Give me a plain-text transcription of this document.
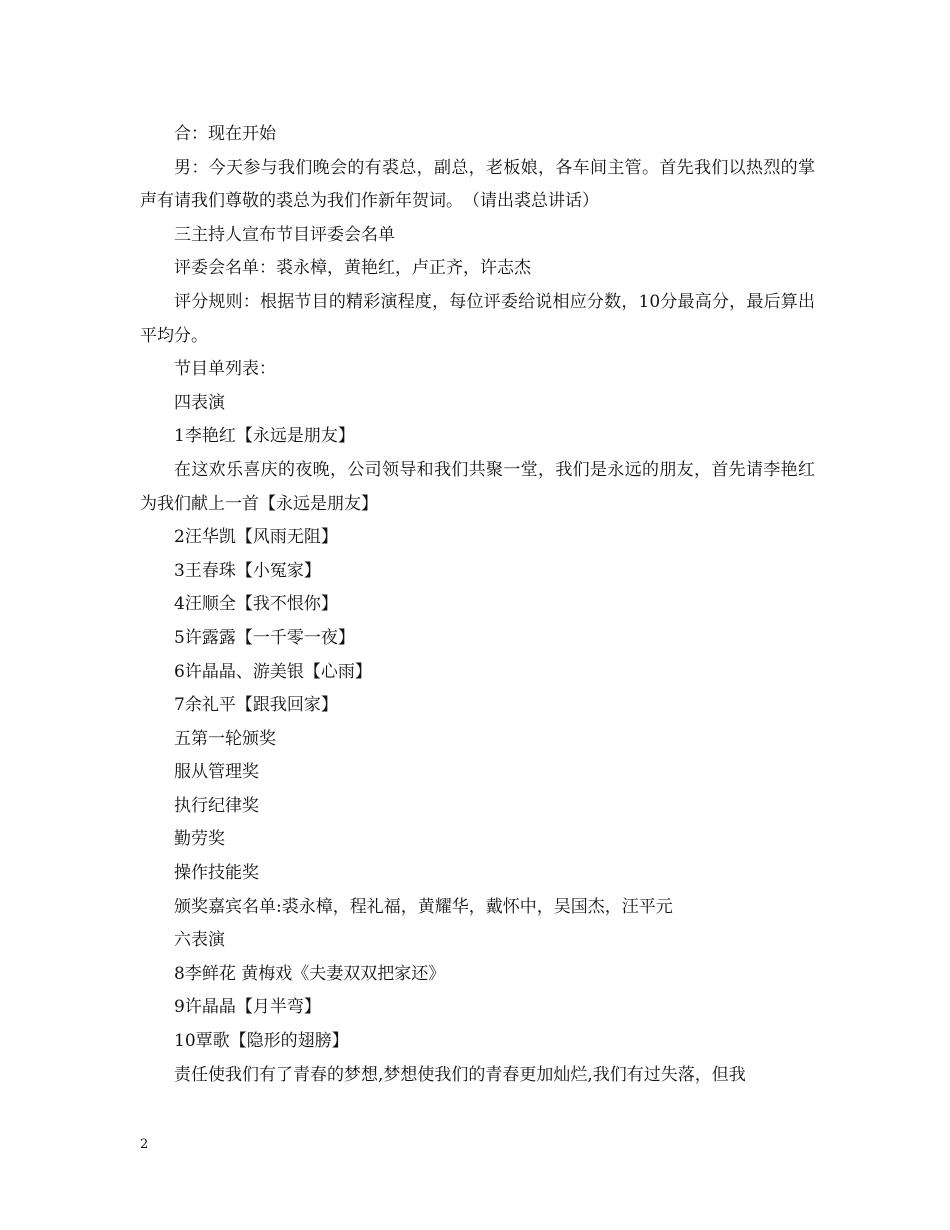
合：现在开始

男：今天参与我们晚会的有裘总，副总，老板娘，各车间主管。首先我们以热烈的掌声有请我们尊敬的裘总为我们作新年贺词。　（请出裘总讲话）

三主持人宣布节目评委会名单

评委会名单：裘永樟，黄艳红，卢正齐，许志杰

评分规则：根据节目的精彩演程度，每位评委给说相应分数，10分最高分，最后算出平均分。

节目单列表：

四表演

1李艳红【永远是朋友】

在这欢乐喜庆的夜晚，公司领导和我们共聚一堂，我们是永远的朋友，首先请李艳红为我们献上一首【永远是朋友】

2汪华凯【风雨无阻】

3王春珠【小冤家】

4汪顺全【我不恨你】

5许露露【一千零一夜】

6许晶晶、游美银【心雨】

7余礼平【跟我回家】

五第一轮颁奖

服从管理奖

执行纪律奖

勤劳奖

操作技能奖

颁奖嘉宾名单:裘永樟，程礼福，黄耀华，戴怀中，吴国杰，汪平元

六表演

8李鲜花 黄梅戏《夫妻双双把家还》

9许晶晶【月半弯】

10覃歌【隐形的翅膀】

责任使我们有了青春的梦想,梦想使我们的青春更加灿烂,我们有过失落，但我

2
